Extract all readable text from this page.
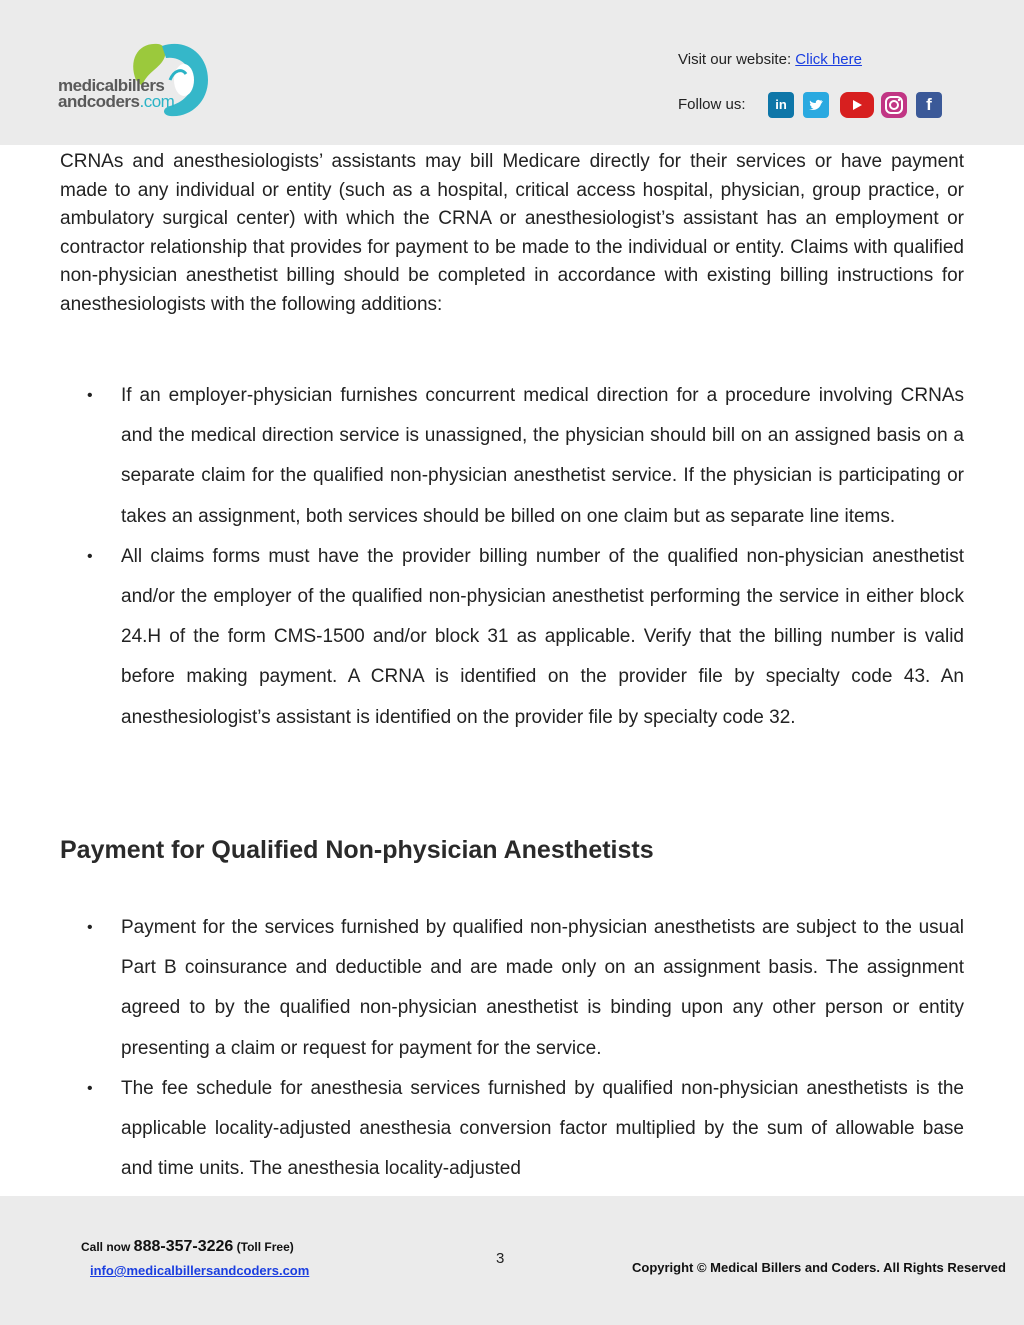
medicalbillers
andcoders.com
Visit our website: Click here
Follow us:	in	f

CRNAs and anesthesiologists’ assistants may bill Medicare directly for their services or have payment made to any individual or entity (such as a hospital, critical access hospital, physician, group practice, or ambulatory surgical center) with which the CRNA or anesthesiologist’s assistant has an employment or contractor relationship that provides for payment to be made to the individual or entity. Claims with qualified non-physician anesthetist billing should be completed in accordance with existing billing instructions for anesthesiologists with the following additions:

• If an employer-physician furnishes concurrent medical direction for a procedure involving CRNAs and the medical direction service is unassigned, the physician should bill on an assigned basis on a separate claim for the qualified non-physician anesthetist service. If the physician is participating or takes an assignment, both services should be billed on one claim but as separate line items.
• All claims forms must have the provider billing number of the qualified non-physician anesthetist and/or the employer of the qualified non-physician anesthetist performing the service in either block 24.H of the form CMS-1500 and/or block 31 as applicable. Verify that the billing number is valid before making payment. A CRNA is identified on the provider file by specialty code 43. An anesthesiologist’s assistant is identified on the provider file by specialty code 32.
Payment for Qualified Non-physician Anesthetists
• Payment for the services furnished by qualified non-physician anesthetists are subject to the usual Part B coinsurance and deductible and are made only on an assignment basis. The assignment agreed to by the qualified non-physician anesthetist is binding upon any other person or entity presenting a claim or request for payment for the service.
• The fee schedule for anesthesia services furnished by qualified non-physician anesthetists is the applicable locality-adjusted anesthesia conversion factor multiplied by the sum of allowable base and time units. The anesthesia locality-adjusted
Call now 888-357-3226 (Toll Free)
info@medicalbillersandcoders.com
3
Copyright © Medical Billers and Coders. All Rights Reserved
